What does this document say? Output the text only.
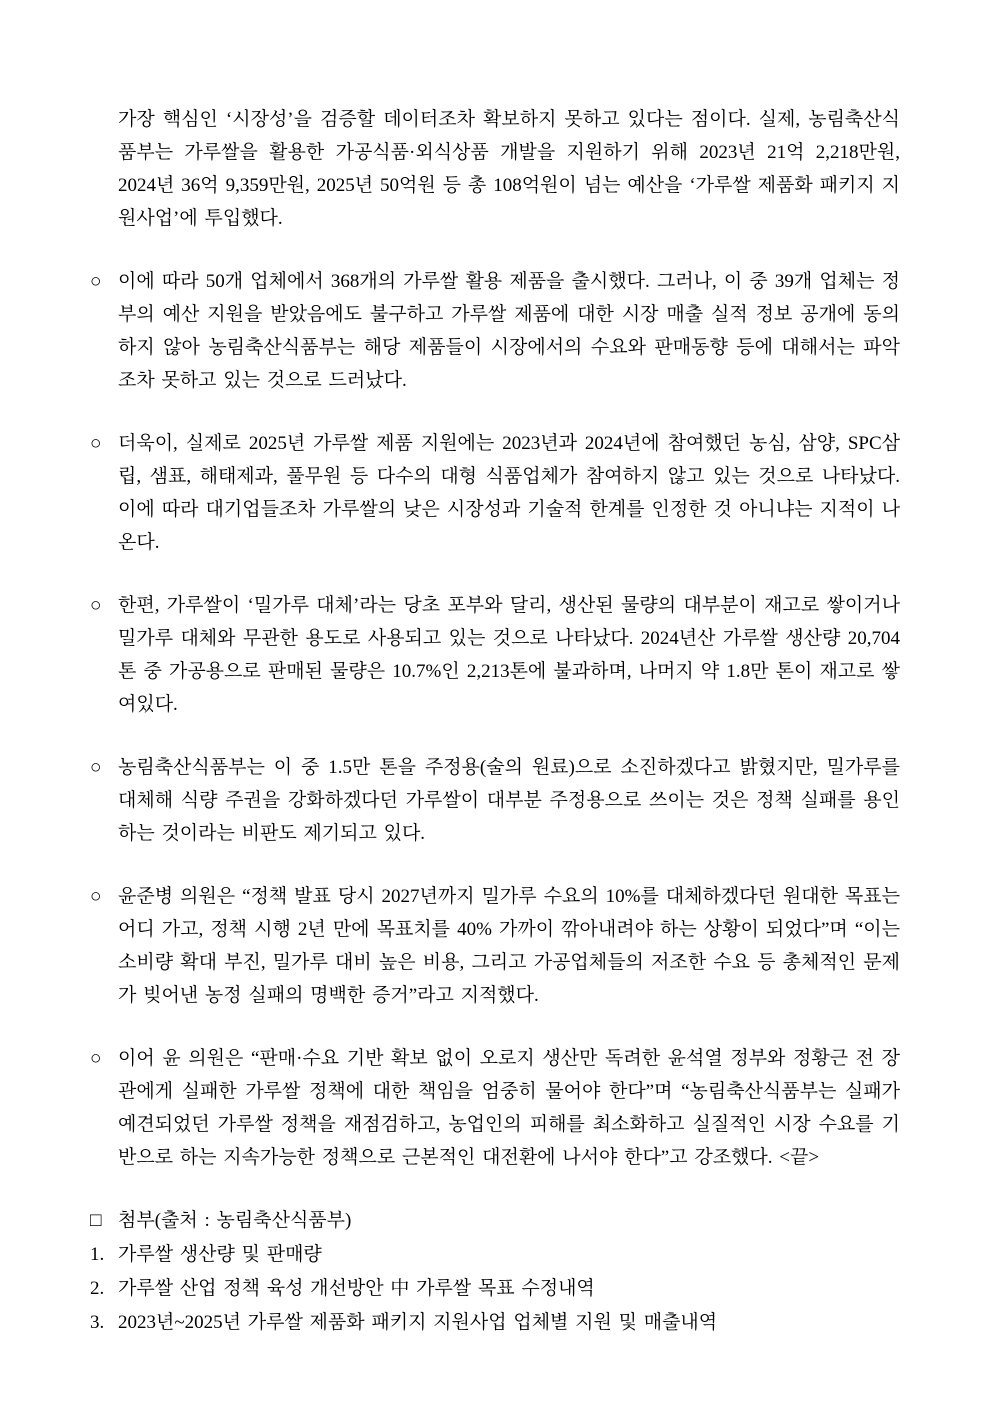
가장 핵심인 ‘시장성’을 검증할 데이터조차 확보하지 못하고 있다는 점이다. 실제, 농림축산식품부는 가루쌀을 활용한 가공식품·외식상품 개발을 지원하기 위해 2023년 21억 2,218만원, 2024년 36억 9,359만원, 2025년 50억원 등 총 108억원이 넘는 예산을 ‘가루쌀 제품화 패키지 지원사업’에 투입했다.

○ 이에 따라 50개 업체에서 368개의 가루쌀 활용 제품을 출시했다. 그러나, 이 중 39개 업체는 정부의 예산 지원을 받았음에도 불구하고 가루쌀 제품에 대한 시장 매출 실적 정보 공개에 동의하지 않아 농림축산식품부는 해당 제품들이 시장에서의 수요와 판매동향 등에 대해서는 파악조차 못하고 있는 것으로 드러났다.

○ 더욱이, 실제로 2025년 가루쌀 제품 지원에는 2023년과 2024년에 참여했던 농심, 삼양, SPC삼립, 샘표, 해태제과, 풀무원 등 다수의 대형 식품업체가 참여하지 않고 있는 것으로 나타났다. 이에 따라 대기업들조차 가루쌀의 낮은 시장성과 기술적 한계를 인정한 것 아니냐는 지적이 나온다.

○ 한편, 가루쌀이 ‘밀가루 대체’라는 당초 포부와 달리, 생산된 물량의 대부분이 재고로 쌓이거나 밀가루 대체와 무관한 용도로 사용되고 있는 것으로 나타났다. 2024년산 가루쌀 생산량 20,704톤 중 가공용으로 판매된 물량은 10.7%인 2,213톤에 불과하며, 나머지 약 1.8만 톤이 재고로 쌓여있다.

○ 농림축산식품부는 이 중 1.5만 톤을 주정용(술의 원료)으로 소진하겠다고 밝혔지만, 밀가루를 대체해 식량 주권을 강화하겠다던 가루쌀이 대부분 주정용으로 쓰이는 것은 정책 실패를 용인하는 것이라는 비판도 제기되고 있다.

○ 윤준병 의원은 “정책 발표 당시 2027년까지 밀가루 수요의 10%를 대체하겠다던 원대한 목표는 어디 가고, 정책 시행 2년 만에 목표치를 40% 가까이 깎아내려야 하는 상황이 되었다”며 “이는 소비량 확대 부진, 밀가루 대비 높은 비용, 그리고 가공업체들의 저조한 수요 등 총체적인 문제가 빚어낸 농정 실패의 명백한 증거”라고 지적했다.

○ 이어 윤 의원은 “판매·수요 기반 확보 없이 오로지 생산만 독려한 윤석열 정부와 정황근 전 장관에게 실패한 가루쌀 정책에 대한 책임을 엄중히 물어야 한다”며 “농림축산식품부는 실패가 예견되었던 가루쌀 정책을 재점검하고, 농업인의 피해를 최소화하고 실질적인 시장 수요를 기반으로 하는 지속가능한 정책으로 근본적인 대전환에 나서야 한다”고 강조했다. <끝>

□ 첨부(출처 : 농림축산식품부)

1. 가루쌀 생산량 및 판매량

2. 가루쌀 산업 정책 육성 개선방안 中 가루쌀 목표 수정내역

3. 2023년~2025년 가루쌀 제품화 패키지 지원사업 업체별 지원 및 매출내역
